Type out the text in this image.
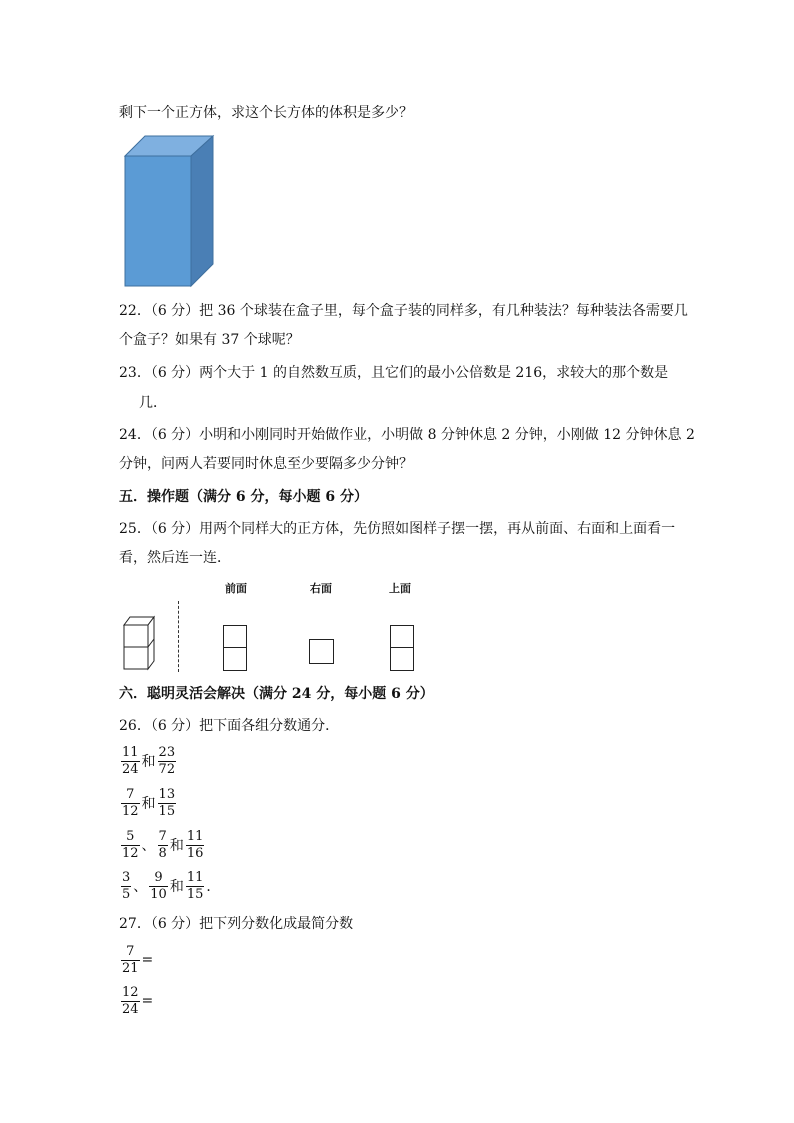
剩下一个正方体，求这个长方体的体积是多少？
22．（6 分）把 36 个球装在盒子里，每个盒子装的同样多，有几种装法？每种装法各需要几
个盒子？如果有 37 个球呢？
23．（6 分）两个大于 1 的自然数互质，且它们的最小公倍数是 216，求较大的那个数是
几．
24．（6 分）小明和小刚同时开始做作业，小明做 8 分钟休息 2 分钟，小刚做 12 分钟休息 2
分钟，问两人若要同时休息至少要隔多少分钟？
五．操作题（满分 6 分，每小题 6 分）
25．（6 分）用两个同样大的正方体，先仿照如图样子摆一摆，再从前面、右面和上面看一
看，然后连一连．
前面	右面	上面
六．聪明灵活会解决（满分 24 分，每小题 6 分）
26．（6 分）把下面各组分数通分．
$\frac{11}{24}$ 和 $\frac{23}{72}$
$\frac{7}{12}$ 和 $\frac{13}{15}$
$\frac{5}{12}$ 、 $\frac{7}{8}$ 和 $\frac{11}{16}$
$\frac{3}{5}$ 、 $\frac{9}{10}$ 和 $\frac{11}{15}$ ．
27．（6 分）把下列分数化成最简分数
$\frac{7}{21}$ =
$\frac{12}{24}$ =
